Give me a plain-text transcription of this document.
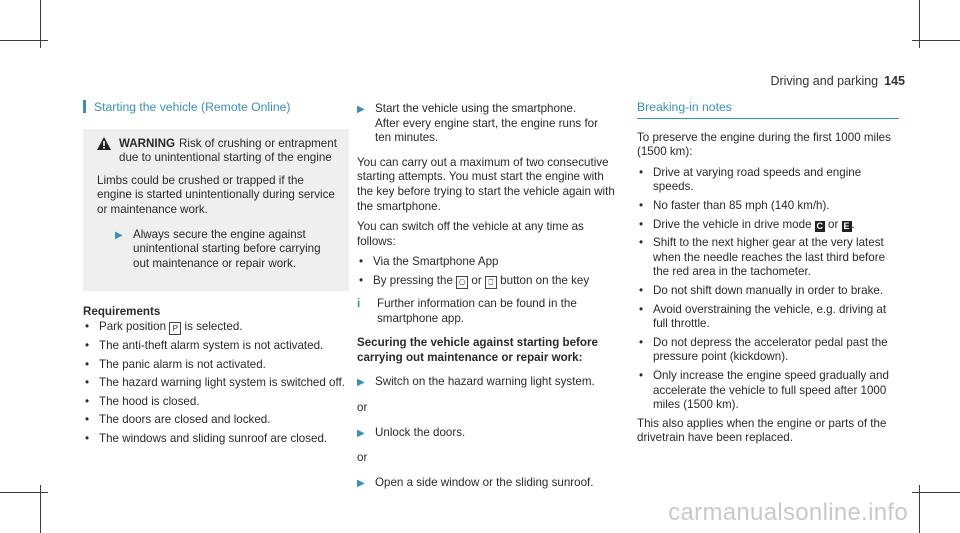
Driving and parking 145
Starting the vehicle (Remote Online)
WARNING Risk of crushing or entrapment due to unintentional starting of the engine

Limbs could be crushed or trapped if the engine is started unintentionally during service or maintenance work.

▶ Always secure the engine against unintentional starting before carrying out maintenance or repair work.
Requirements
• Park position P is selected.
• The anti-theft alarm system is not activated.
• The panic alarm is not activated.
• The hazard warning light system is switched off.
• The hood is closed.
• The doors are closed and locked.
• The windows and sliding sunroof are closed.
▶ Start the vehicle using the smartphone.
After every engine start, the engine runs for ten minutes.

You can carry out a maximum of two consecutive starting attempts. You must start the engine with the key before trying to start the vehicle again with the smartphone.

You can switch off the vehicle at any time as follows:

• Via the Smartphone App
• By pressing the ⎔ or ⎕ button on the key
i	Further information can be found in the smartphone app.
Securing the vehicle against starting before carrying out maintenance or repair work:
▶ Switch on the hazard warning light system.
or
▶ Unlock the doors.
or
▶ Open a side window or the sliding sunroof.
Breaking-in notes

To preserve the engine during the first 1000 miles (1500 km):

• Drive at varying road speeds and engine speeds.
• No faster than 85 mph (140 km/h).
• Drive the vehicle in drive mode C or E .
• Shift to the next higher gear at the very latest when the needle reaches the last third before the red area in the tachometer.
• Do not shift down manually in order to brake.
• Avoid overstraining the vehicle, e.g. driving at full throttle.
• Do not depress the accelerator pedal past the pressure point (kickdown).
• Only increase the engine speed gradually and accelerate the vehicle to full speed after 1000 miles (1500 km).

This also applies when the engine or parts of the drivetrain have been replaced.

carmanualsonline.info
